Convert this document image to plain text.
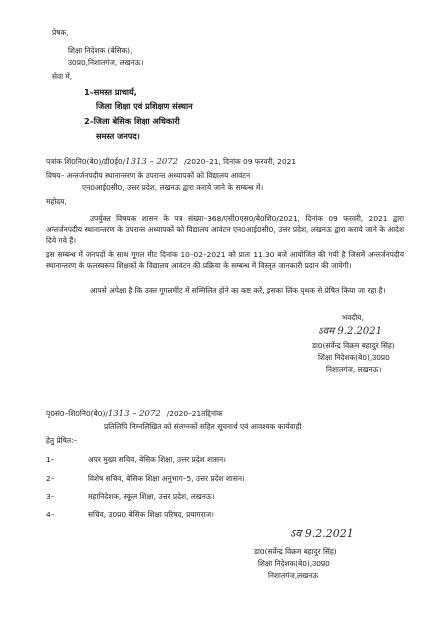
प्रेषक,
शिक्षा निदेशक (बेसिक),
उ0प्र0,निशातगंज, लखनऊ।
सेवा में,
1–समस्त प्राचार्य,
जिला शिक्षा एवं प्रशिक्षण संस्थान
2–जिला बेसिक शिक्षा अधिकारी
समस्त जनपद।
पत्रांक शि0नि0(बे0)/डी0ई0/1313 – 2072 /2020–21, दिनांक 09 फरवरी, 2021
विषय– अन्तर्जनपदीय स्थानान्तरण के उपरान्त अध्यापकों को विद्यालय आवंटन
एन0आई0सी0, उत्तर प्रदेश, लखनऊ द्वारा कराये जाने के सम्बन्ध में।
महोदय,
उपर्युक्त विषयक शासन के पत्र संख्या–368/एसी0एस0/बे0शि0/2021, दिनांक 09 फरवरी, 2021 द्वारा अन्तर्जनपदीय स्थानान्तरण के उपरान्त अध्यापकों को विद्यालय आवंटन एन0आई0सी0, उत्तर प्रदेश, लखनऊ द्वारा कराये जाने के आदेश दिये गये हैं।
इस सम्बन्ध में जनपदों के साथ गूगल मीट दिनांक 10–02–2021 को प्रातः 11.30 बजे आयोजित की गयी है जिसमें अन्तर्जनपदीय स्थानान्तरण के फलस्वरूप शिक्षकों के विद्यालय आवंटन की प्रक्रिया के सम्बन्ध में विस्तृत जानकारी प्रदान की जायेगी।
आपसे अपेक्षा है कि उक्त गूगलमीट में सम्मिलित होने का कष्ट करें, इसका लिंक पृथक से प्रेषित किया जा रहा है।
भवदीय,
ऽवम 9.2.2021
डा0(सर्वेन्द्र विक्रम बहादुर सिंह)
शिक्षा निदेशक(बे0),उ0प्र0
निशातगंज, लखनऊ।
पृ0सं0–शि0नि0(बे0)/1313 – 2072 /2020–21तद्दिनांक
प्रतिलिपि निम्नलिखित को संलग्नकों सहित सूचनार्थ एवं आवश्यक कार्यवाही
हेतु प्रेषित:–
1–	अपर मुख्य सचिव, बेसिक शिक्षा, उत्तर प्रदेश शासन।
2–	विशेष सचिव, बेसिक शिक्षा अनुभाग–5, उत्तर प्रदेश शासन।
3–	महानिदेशक, स्कूल शिक्षा, उत्तर प्रदेश, लखनऊ।
4–	सचिव, उ0प्र0 बेसिक शिक्षा परिषद, प्रयागराज।
ऽव 9.2.2021
डा0(सर्वेन्द्र विक्रम बहादुर सिंह)
शिक्षा निदेशक(बे0),उ0प्र0
निशातगंज,लखनऊ
